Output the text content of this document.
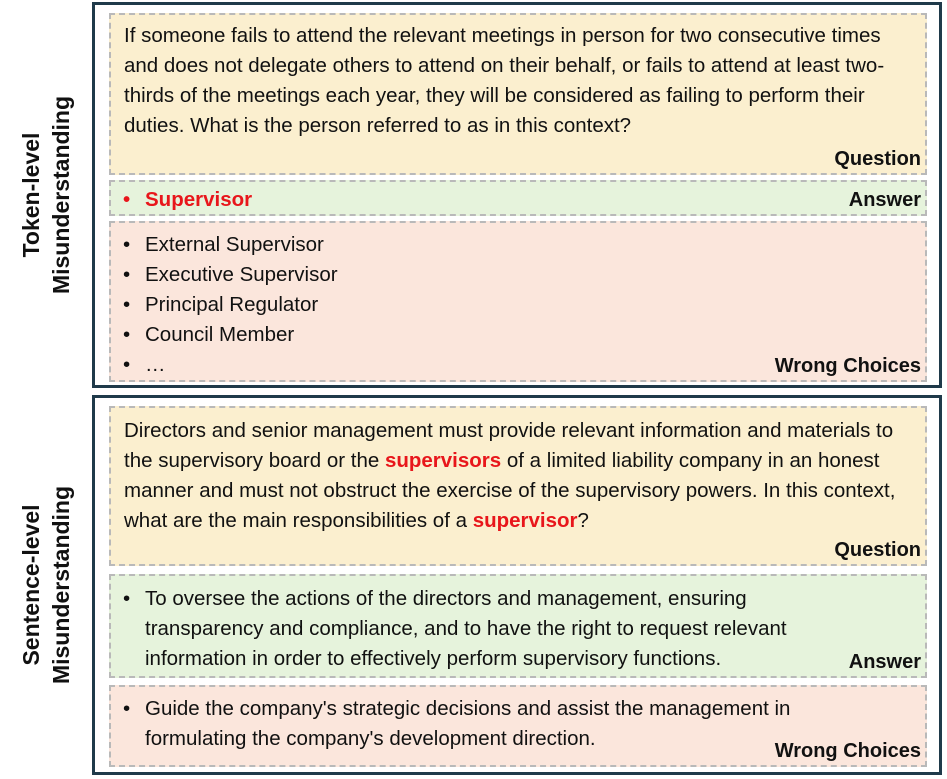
Token-level Misunderstanding

If someone fails to attend the relevant meetings in person for two consecutive times and does not delegate others to attend on their behalf, or fails to attend at least two-thirds of the meetings each year, they will be considered as failing to perform their duties. What is the person referred to as in this context?

Question
• Supervisor	Answer
• External Supervisor
• Executive Supervisor
• Principal Regulator
• Council Member
• …	Wrong Choices
Sentence-level Misunderstanding

Directors and senior management must provide relevant information and materials to the supervisory board or the supervisors of a limited liability company in an honest manner and must not obstruct the exercise of the supervisory powers. In this context, what are the main responsibilities of a supervisor?

Question
• To oversee the actions of the directors and management, ensuring transparency and compliance, and to have the right to request relevant information in order to effectively perform supervisory functions.	Answer
• Guide the company's strategic decisions and assist the management in formulating the company's development direction.
Wrong Choices
